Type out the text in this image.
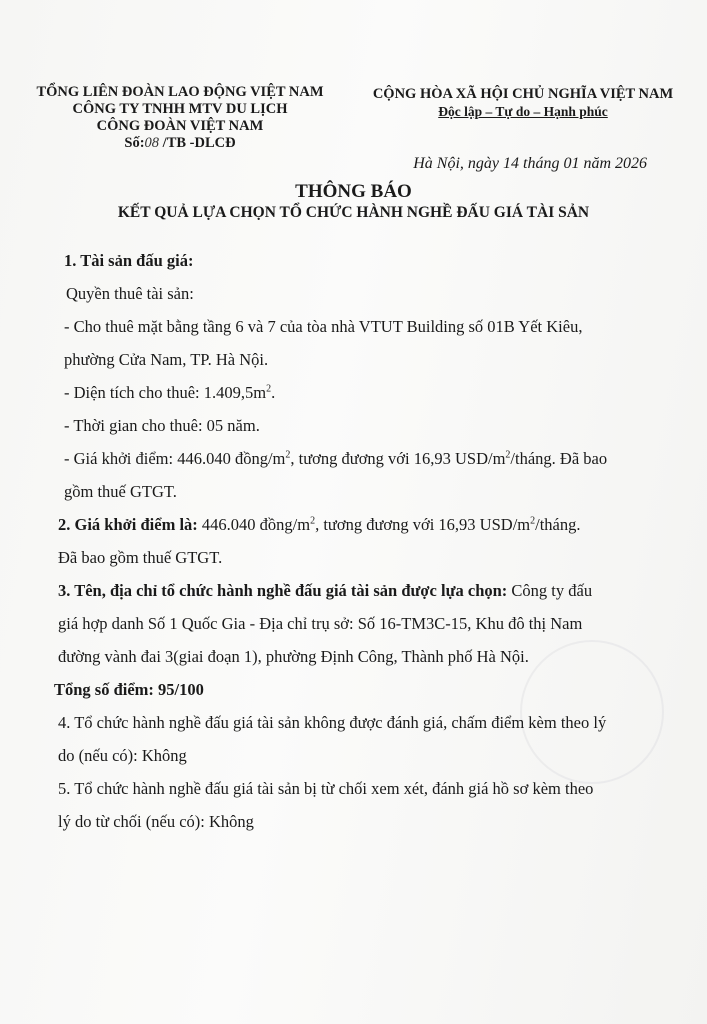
TỔNG LIÊN ĐOÀN LAO ĐỘNG VIỆT NAM
CÔNG TY TNHH MTV DU LỊCH
CÔNG ĐOÀN VIỆT NAM
Số:08 /TB -DLCĐ
CỘNG HÒA XÃ HỘI CHỦ NGHĨA VIỆT NAM
Độc lập – Tự do – Hạnh phúc
Hà Nội, ngày 14 tháng 01 năm 2026
THÔNG BÁO
KẾT QUẢ LỰA CHỌN TỔ CHỨC HÀNH NGHỀ ĐẤU GIÁ TÀI SẢN

1. Tài sản đấu giá:

Quyền thuê tài sản:

- Cho thuê mặt bằng tầng 6 và 7 của tòa nhà VTUT Building số 01B Yết Kiêu,

phường Cửa Nam, TP. Hà Nội.

- Diện tích cho thuê: $1.409,5m^2$.

- Thời gian cho thuê: 05 năm.

- Giá khởi điểm: 446.040 đồng/$m^2$, tương đương với 16,93 USD/$m^2$/tháng. Đã bao

gồm thuế GTGT.

2. Giá khởi điểm là: 446.040 đồng/$m^2$, tương đương với 16,93 USD/$m^2$/tháng.

Đã bao gồm thuế GTGT.

3. Tên, địa chỉ tổ chức hành nghề đấu giá tài sản được lựa chọn: Công ty đấu

giá hợp danh Số 1 Quốc Gia - Địa chỉ trụ sở: Số 16-TM3C-15, Khu đô thị Nam

đường vành đai 3(giai đoạn 1), phường Định Công, Thành phố Hà Nội.

Tổng số điểm: 95/100

4. Tổ chức hành nghề đấu giá tài sản không được đánh giá, chấm điểm kèm theo lý

do (nếu có): Không

5. Tổ chức hành nghề đấu giá tài sản bị từ chối xem xét, đánh giá hồ sơ kèm theo

lý do từ chối (nếu có): Không
